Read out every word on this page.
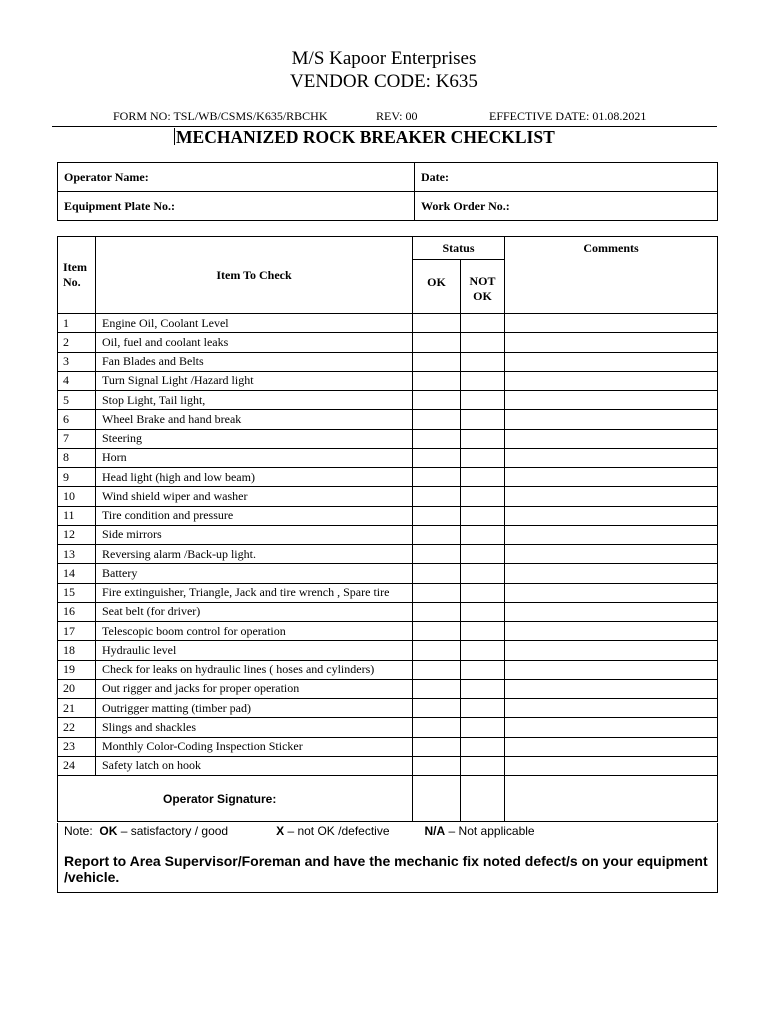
M/S Kapoor Enterprises
VENDOR CODE: K635
FORM NO: TSL/WB/CSMS/K635/RBCHK	REV: 00	EFFECTIVE DATE: 01.08.2021
MECHANIZED ROCK BREAKER CHECKLIST
Operator Name:	Date:
Equipment Plate No.:	Work Order No.:
Item No.	Item To Check	Status		Comments
		OK	NOT OK	
1	Engine Oil, Coolant Level			
2	Oil, fuel and coolant leaks			
3	Fan Blades and Belts			
4	Turn Signal Light /Hazard light			
5	Stop Light, Tail light,			
6	Wheel Brake and hand break			
7	Steering			
8	Horn			
9	Head light (high and low beam)			
10	Wind shield wiper and washer			
11	Tire condition and pressure			
12	Side mirrors			
13	Reversing alarm /Back-up light.			
14	Battery			
15	Fire extinguisher, Triangle, Jack and tire wrench , Spare tire			
16	Seat belt (for driver)			
17	Telescopic boom control for operation			
18	Hydraulic level			
19	Check for leaks on hydraulic lines ( hoses and cylinders)			
20	Out rigger and jacks for proper operation			
21	Outrigger matting (timber pad)			
22	Slings and shackles			
23	Monthly Color-Coding Inspection Sticker			
24	Safety latch on hook			
Operator Signature:				
Note: OK – satisfactory / good	X – not OK /defective	N/A – Not applicable
Report to Area Supervisor/Foreman and have the mechanic fix noted defect/s on your equipment /vehicle.
